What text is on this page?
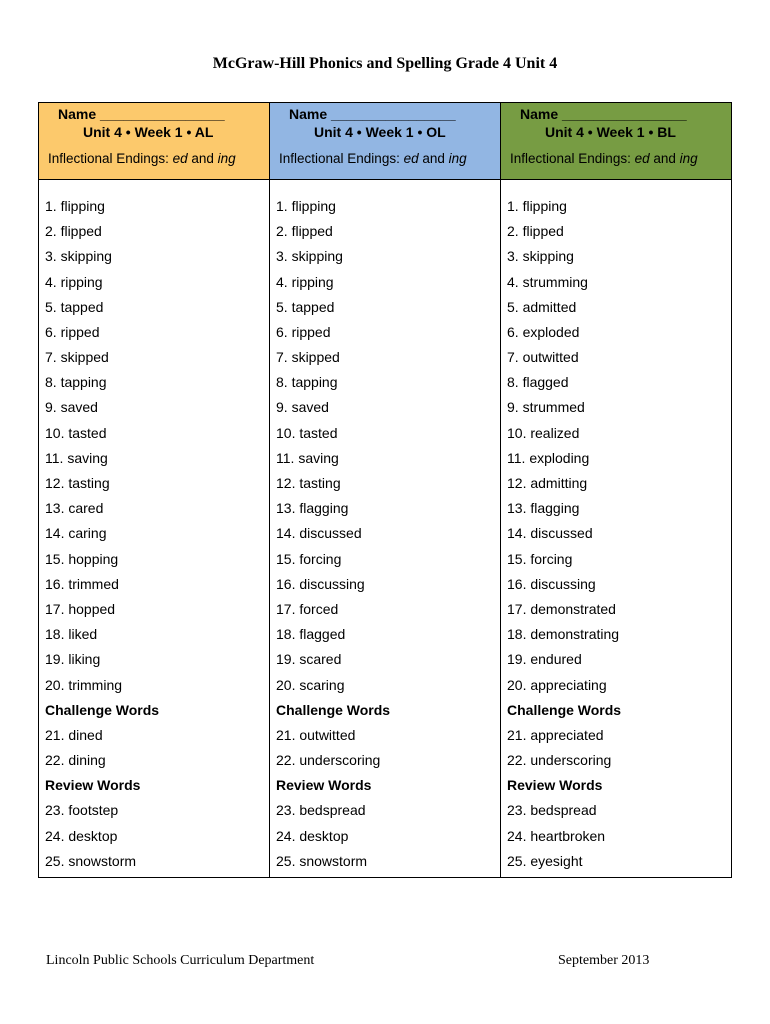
McGraw-Hill Phonics and Spelling Grade 4 Unit 4
Name ________________
Unit 4 • Week 1 • AL
Inflectional Endings: ed and ing
1. flipping
2. flipped
3. skipping
4. ripping
5. tapped
6. ripped
7. skipped
8. tapping
9. saved
10. tasted
11. saving
12. tasting
13. cared
14. caring
15. hopping
16. trimmed
17. hopped
18. liked
19. liking
20. trimming
Challenge Words
21. dined
22. dining
Review Words
23. footstep
24. desktop
25. snowstorm
Name ________________
Unit 4 • Week 1 • OL
Inflectional Endings: ed and ing
1. flipping
2. flipped
3. skipping
4. ripping
5. tapped
6. ripped
7. skipped
8. tapping
9. saved
10. tasted
11. saving
12. tasting
13. flagging
14. discussed
15. forcing
16. discussing
17. forced
18. flagged
19. scared
20. scaring
Challenge Words
21. outwitted
22. underscoring
Review Words
23. bedspread
24. desktop
25. snowstorm
Name ________________
Unit 4 • Week 1 • BL
Inflectional Endings: ed and ing
1. flipping
2. flipped
3. skipping
4. strumming
5. admitted
6. exploded
7. outwitted
8. flagged
9. strummed
10. realized
11. exploding
12. admitting
13. flagging
14. discussed
15. forcing
16. discussing
17. demonstrated
18. demonstrating
19. endured
20. appreciating
Challenge Words
21. appreciated
22. underscoring
Review Words
23. bedspread
24. heartbroken
25. eyesight
Lincoln Public Schools Curriculum Department	September 2013
